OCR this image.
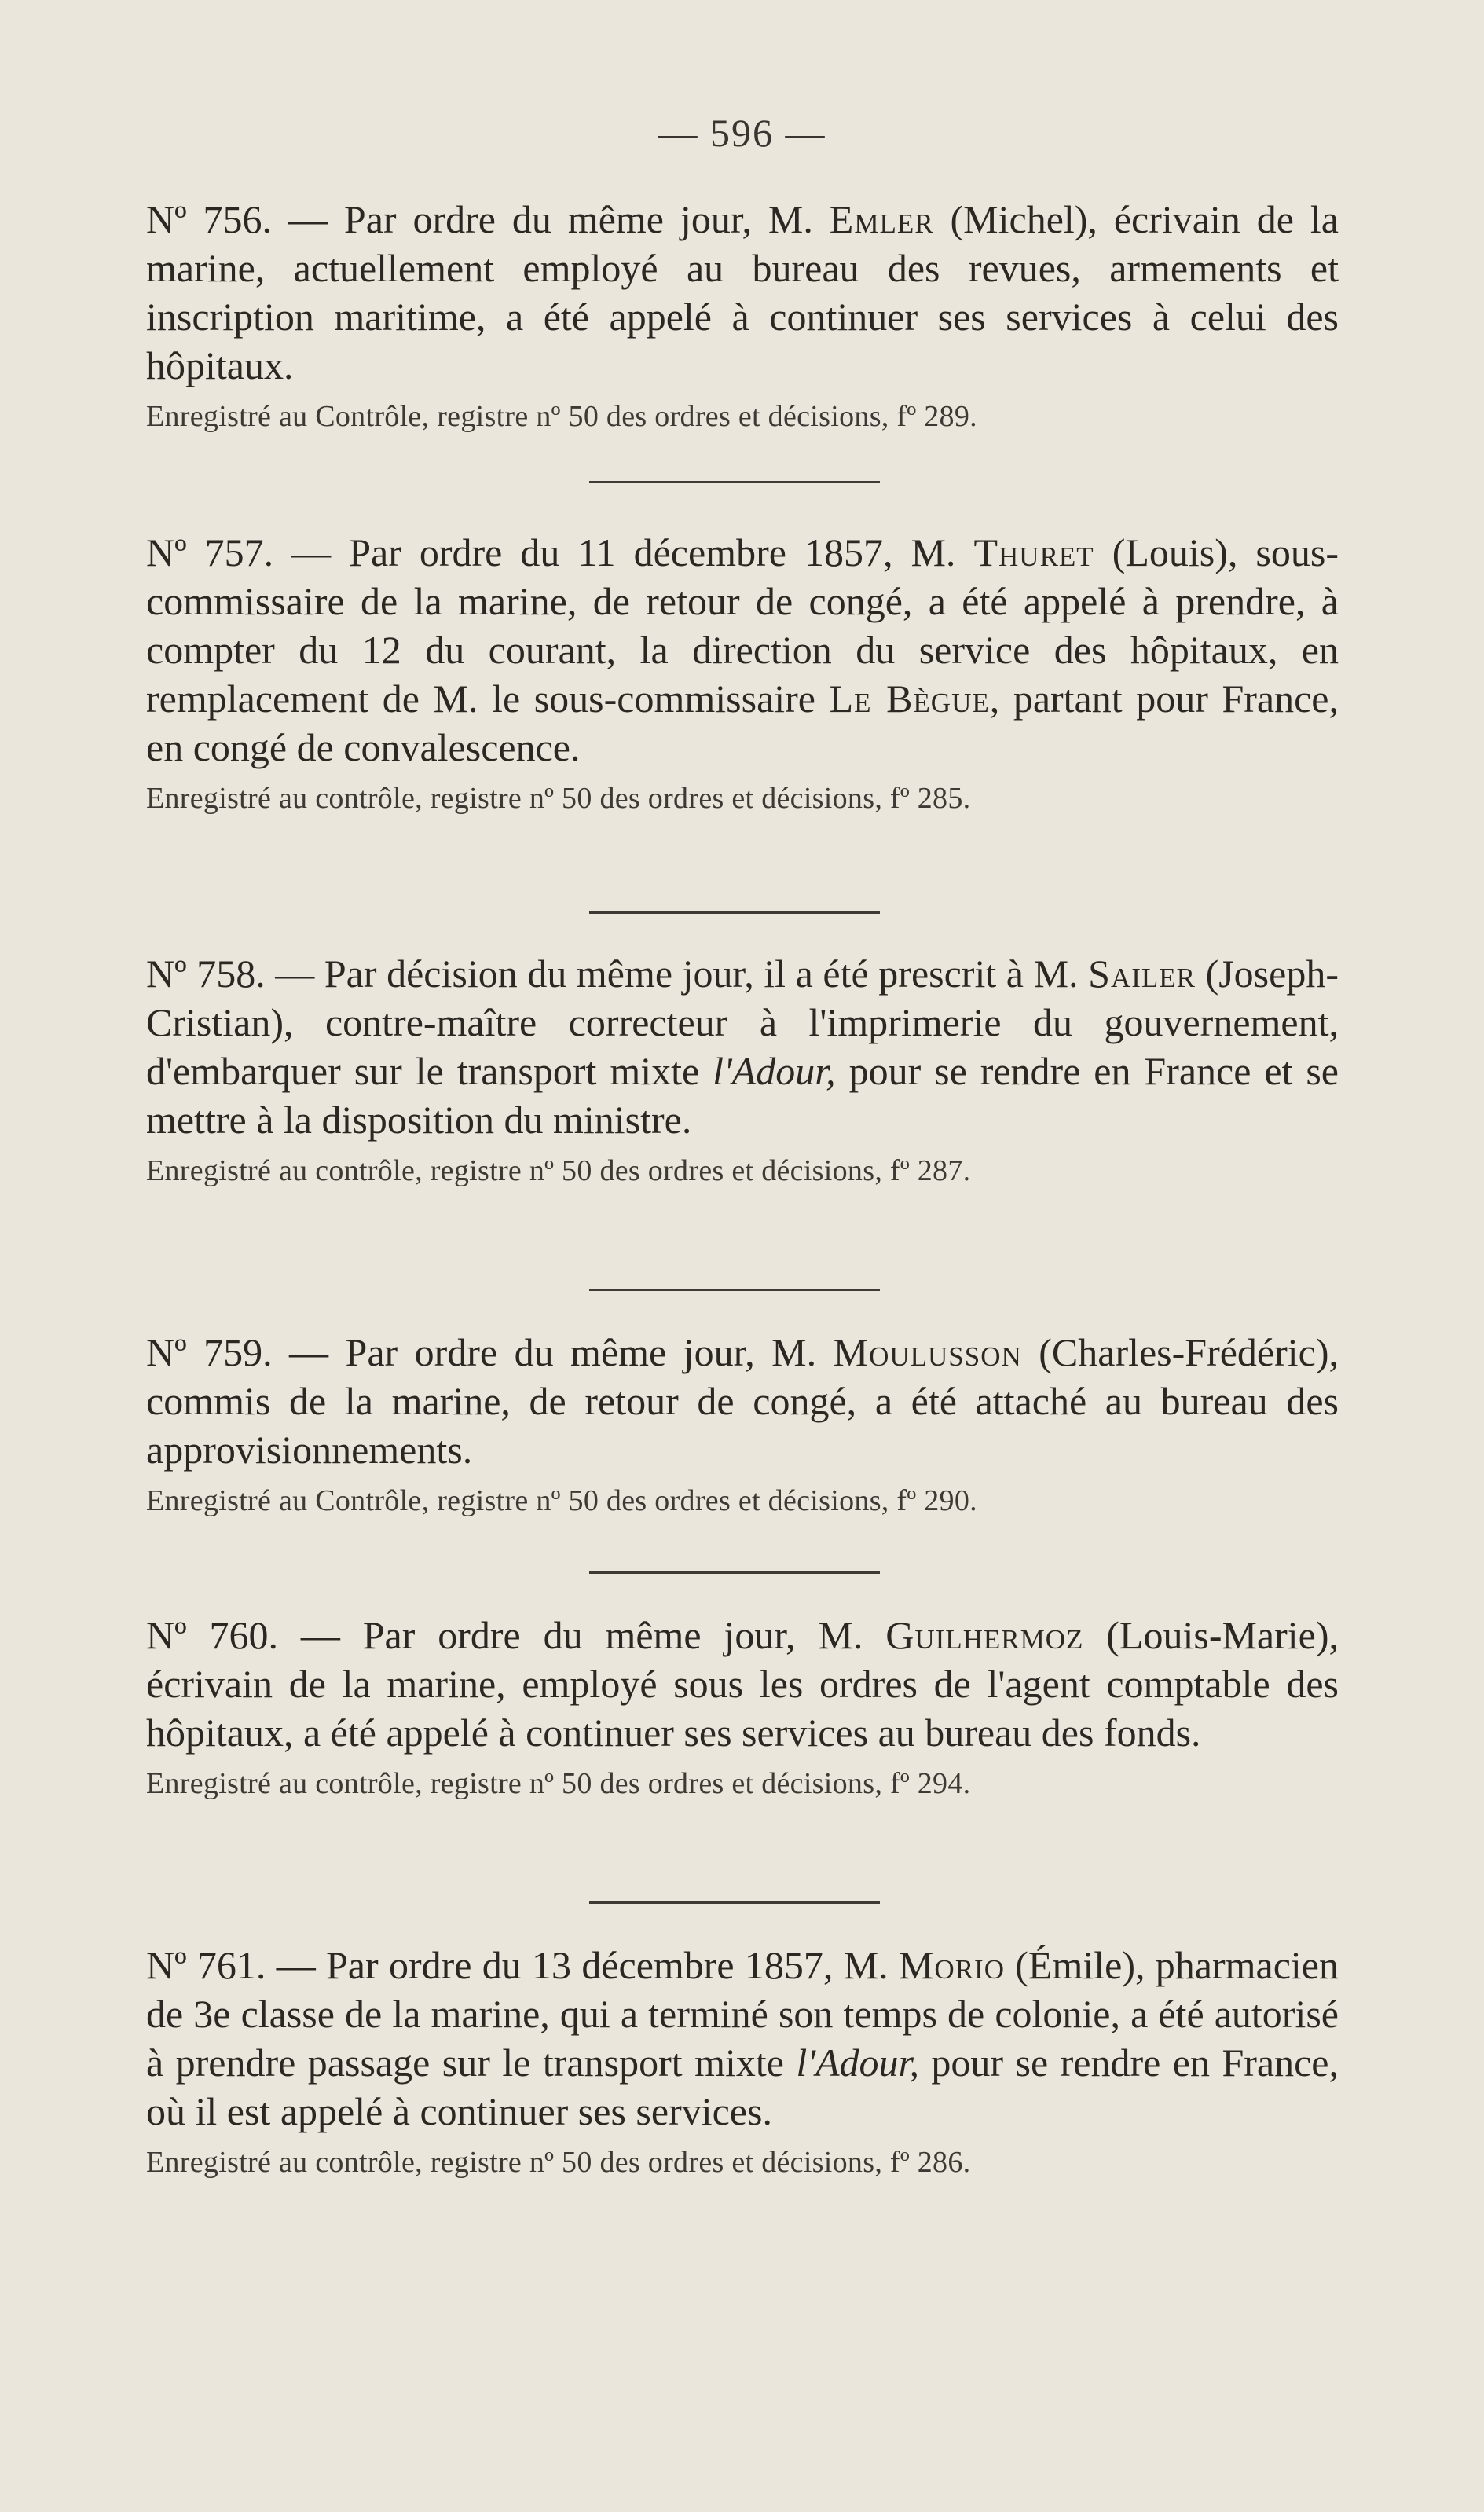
— 596 —

Nº 756. — Par ordre du même jour, M. Emler (Michel), écrivain de la marine, actuellement employé au bureau des revues, armements et inscription maritime, a été appelé à continuer ses services à celui des hôpitaux.

Enregistré au Contrôle, registre nº 50 des ordres et décisions, fº 289.

Nº 757. — Par ordre du 11 décembre 1857, M. Thuret (Louis), sous-commissaire de la marine, de retour de congé, a été appelé à prendre, à compter du 12 du courant, la direction du service des hôpitaux, en remplacement de M. le sous-commissaire Le Bègue, partant pour France, en congé de convalescence.

Enregistré au contrôle, registre nº 50 des ordres et décisions, fº 285.

Nº 758. — Par décision du même jour, il a été prescrit à M. Sailer (Joseph-Cristian), contre-maître correcteur à l'imprimerie du gouvernement, d'embarquer sur le transport mixte l'Adour, pour se rendre en France et se mettre à la disposition du ministre.

Enregistré au contrôle, registre nº 50 des ordres et décisions, fº 287.

Nº 759. — Par ordre du même jour, M. Moulusson (Charles-Frédéric), commis de la marine, de retour de congé, a été attaché au bureau des approvisionnements.

Enregistré au Contrôle, registre nº 50 des ordres et décisions, fº 290.

Nº 760. — Par ordre du même jour, M. Guilhermoz (Louis-Marie), écrivain de la marine, employé sous les ordres de l'agent comptable des hôpitaux, a été appelé à continuer ses services au bureau des fonds.

Enregistré au contrôle, registre nº 50 des ordres et décisions, fº 294.

Nº 761. — Par ordre du 13 décembre 1857, M. Morio (Émile), pharmacien de 3e classe de la marine, qui a terminé son temps de colonie, a été autorisé à prendre passage sur le transport mixte l'Adour, pour se rendre en France, où il est appelé à continuer ses services.

Enregistré au contrôle, registre nº 50 des ordres et décisions, fº 286.
